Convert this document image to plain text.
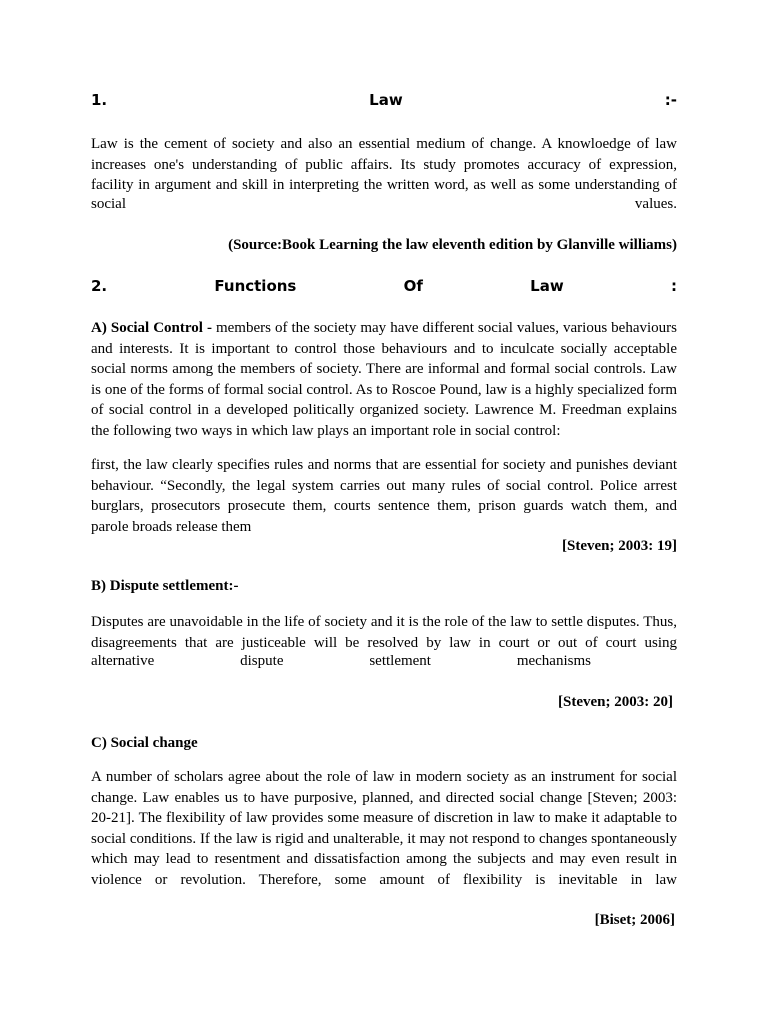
1.	Law	:-
Law is the cement of society and also an essential medium of change. A knowloedge of law increases one's understanding of public affairs. Its study promotes accuracy of expression, facility in argument and skill in interpreting the written word, as well as some understanding of
social	values.
(Source:Book Learning the law eleventh edition by Glanville williams)
2.	Functions	Of	Law	:
A) Social Control - members of the society may have different social values, various behaviours and interests. It is important to control those behaviours and to inculcate socially acceptable social norms among the members of society. There are informal and formal social controls. Law is one of the forms of formal social control. As to Roscoe Pound, law is a highly specialized form of social control in a developed politically organized society. Lawrence M. Freedman explains the following two ways in which law plays an important role in social control:
first, the law clearly specifies rules and norms that are essential for society and punishes deviant behaviour. “Secondly, the legal system carries out many rules of social control. Police arrest burglars, prosecutors prosecute them, courts sentence them, prison guards watch them, and parole broads release them
[Steven; 2003: 19]
B) Dispute settlement:-
Disputes are unavoidable in the life of society and it is the role of the law to settle disputes. Thus, disagreements that are justiceable will be resolved by law in court or out of court using
alternative	dispute	settlement	mechanisms
[Steven; 2003: 20]
C) Social change
A number of scholars agree about the role of law in modern society as an instrument for social change. Law enables us to have purposive, planned, and directed social change [Steven; 2003: 20-21]. The flexibility of law provides some measure of discretion in law to make it adaptable to social conditions. If the law is rigid and unalterable, it may not respond to changes spontaneously which may lead to resentment and dissatisfaction among the subjects and may even result in violence or revolution. Therefore, some amount of flexibility is inevitable in law
[Biset; 2006]
